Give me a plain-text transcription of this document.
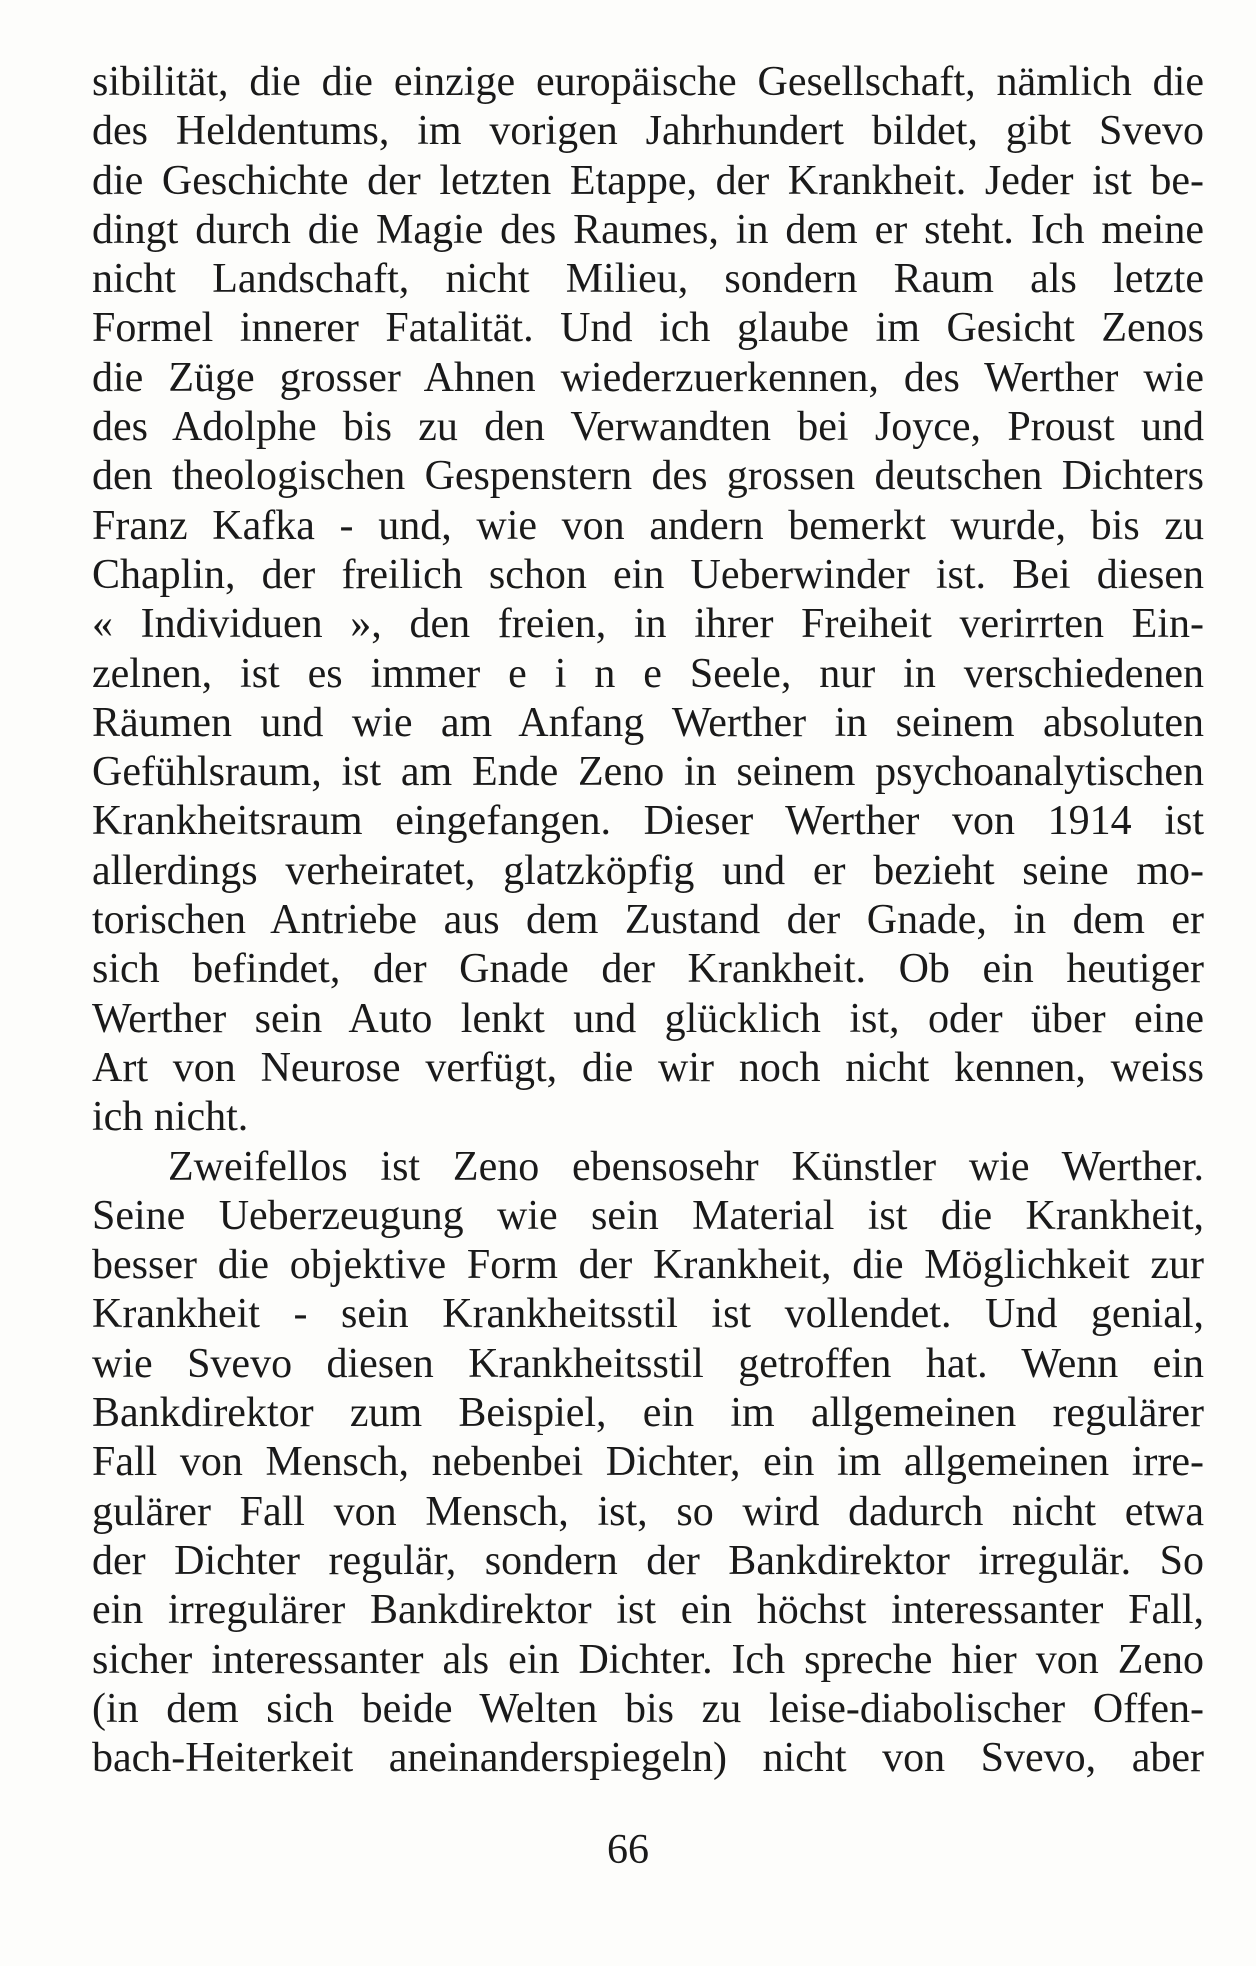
sibilität, die die einzige europäische Gesellschaft, nämlich die
des Heldentums, im vorigen Jahrhundert bildet, gibt Svevo
die Geschichte der letzten Etappe, der Krankheit. Jeder ist be-
dingt durch die Magie des Raumes, in dem er steht. Ich meine
nicht Landschaft, nicht Milieu, sondern Raum als letzte
Formel innerer Fatalität. Und ich glaube im Gesicht Zenos
die Züge grosser Ahnen wiederzuerkennen, des Werther wie
des Adolphe bis zu den Verwandten bei Joyce, Proust und
den theologischen Gespenstern des grossen deutschen Dichters
Franz Kafka - und, wie von andern bemerkt wurde, bis zu
Chaplin, der freilich schon ein Ueberwinder ist. Bei diesen
« Individuen », den freien, in ihrer Freiheit verirrten Ein-
zelnen, ist es immer e i n e Seele, nur in verschiedenen
Räumen und wie am Anfang Werther in seinem absoluten
Gefühlsraum, ist am Ende Zeno in seinem psychoanalytischen
Krankheitsraum eingefangen. Dieser Werther von 1914 ist
allerdings verheiratet, glatzköpfig und er bezieht seine mo-
torischen Antriebe aus dem Zustand der Gnade, in dem er
sich befindet, der Gnade der Krankheit. Ob ein heutiger
Werther sein Auto lenkt und glücklich ist, oder über eine
Art von Neurose verfügt, die wir noch nicht kennen, weiss
ich nicht.
Zweifellos ist Zeno ebensosehr Künstler wie Werther.
Seine Ueberzeugung wie sein Material ist die Krankheit,
besser die objektive Form der Krankheit, die Möglichkeit zur
Krankheit - sein Krankheitsstil ist vollendet. Und genial,
wie Svevo diesen Krankheitsstil getroffen hat. Wenn ein
Bankdirektor zum Beispiel, ein im allgemeinen regulärer
Fall von Mensch, nebenbei Dichter, ein im allgemeinen irre-
gulärer Fall von Mensch, ist, so wird dadurch nicht etwa
der Dichter regulär, sondern der Bankdirektor irregulär. So
ein irregulärer Bankdirektor ist ein höchst interessanter Fall,
sicher interessanter als ein Dichter. Ich spreche hier von Zeno
(in dem sich beide Welten bis zu leise-diabolischer Offen-
bach-Heiterkeit aneinanderspiegeln) nicht von Svevo, aber
66
